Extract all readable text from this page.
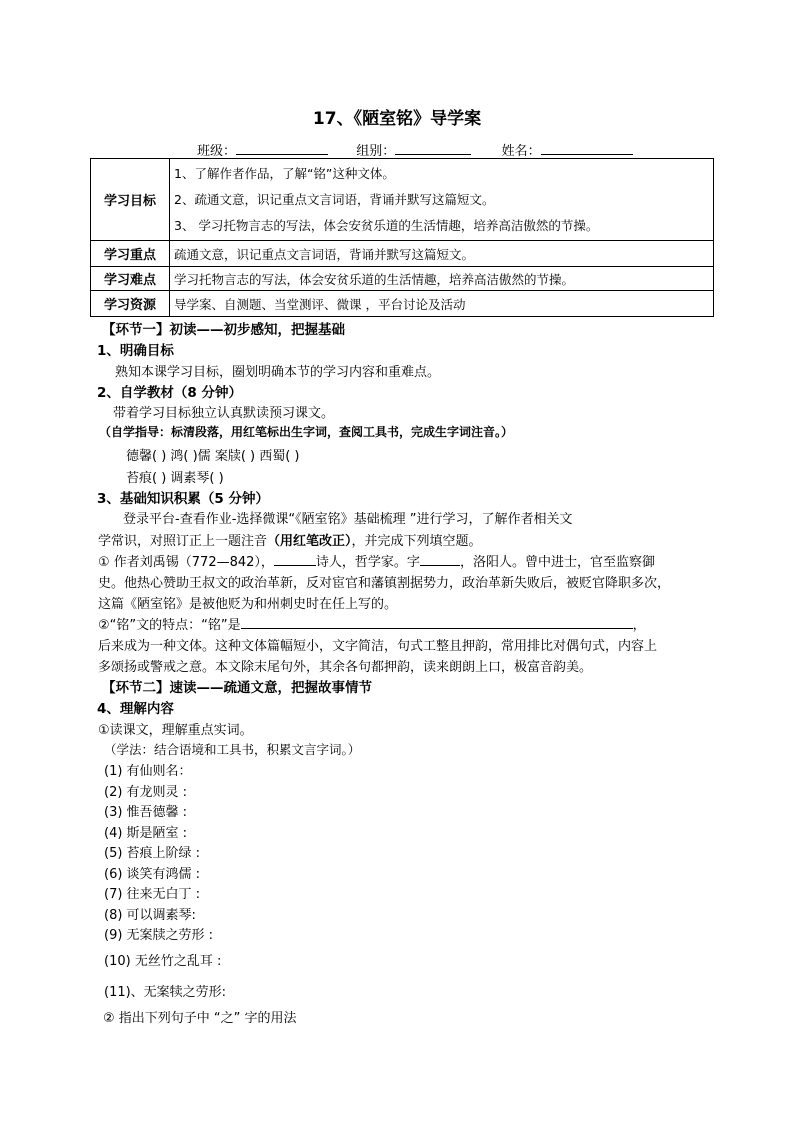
17、《陋室铭》导学案
班级：	组别：	姓名：
学习目标	1、了解作者作品，了解“铭”这种文体。
2、疏通文意，识记重点文言词语，背诵并默写这篇短文。
3、 学习托物言志的写法，体会安贫乐道的生活情趣，培养高洁傲然的节操。

学习重点	疏通文意，识记重点文言词语，背诵并默写这篇短文。
学习难点	学习托物言志的写法，体会安贫乐道的生活情趣，培养高洁傲然的节操。
学习资源	导学案、自测题、当堂测评、微课 ，平台讨论及活动
【环节一】初读——初步感知，把握基础
1、明确目标
熟知本课学习目标，圈划明确本节的学习内容和重难点。
2、自学教材（8 分钟）
带着学习目标独立认真默读预习课文。
（自学指导：标清段落，用红笔标出生字词，查阅工具书，完成生字词注音。）
德馨( ) 鸿( )儒 案牍( ) 西蜀( )
苔痕( ) 调素琴( )
3、基础知识积累（5 分钟）
登录平台-查看作业-选择微课“《陋室铭》基础梳理 ”进行学习，了解作者相关文
学常识，对照订正上一题注音（用红笔改正），并完成下列填空题。
① 作者刘禹锡（772—842），	诗人，哲学家。字	，洛阳人。曾中进士，官至监察御
史。他热心赞助王叔文的政治革新，反对宦官和藩镇割据势力，政治革新失败后，被贬官降职多次，
这篇《陋室铭》是被他贬为和州刺史时在任上写的。
②“铭”文的特点：“铭”是	，
后来成为一种文体。这种文体篇幅短小，文字简洁，句式工整且押韵，常用排比对偶句式，内容上
多颂扬或警戒之意。本文除末尾句外，其余各句都押韵，读来朗朗上口，极富音韵美。
【环节二】速读——疏通文意，把握故事情节
4、理解内容
①读课文，理解重点实词。
（学法：结合语境和工具书，积累文言字词。）
(1) 有仙则名：
(2) 有龙则灵 :
(3) 惟吾德馨 :
(4) 斯是陋室 :
(5) 苔痕上阶绿 :
(6) 谈笑有鸿儒 :
(7) 往来无白丁 :
(8) 可以调素琴:
(9) 无案牍之劳形 :
(10) 无丝竹之乱耳 :
(11)、无案犊之劳形:
② 指出下列句子中 “之” 字的用法
